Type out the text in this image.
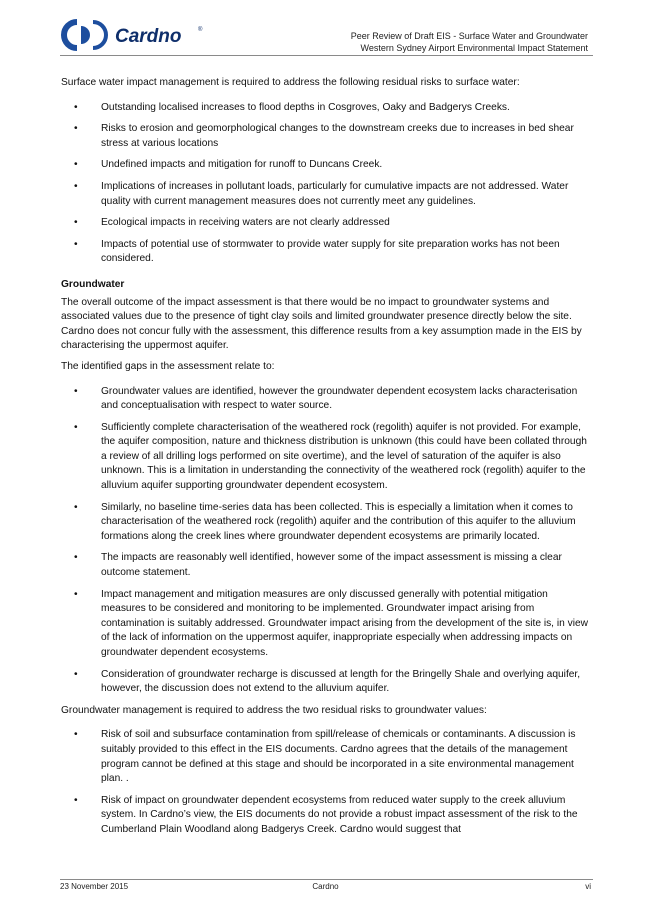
Cardno	®
Peer Review of Draft EIS - Surface Water and Groundwater
Western Sydney Airport Environmental Impact Statement

Surface water impact management is required to address the following residual risks to surface water:

• Outstanding localised increases to flood depths in Cosgroves, Oaky and Badgerys Creeks.
• Risks to erosion and geomorphological changes to the downstream creeks due to increases in bed shear stress at various locations
• Undefined impacts and mitigation for runoff to Duncans Creek.
• Implications of increases in pollutant loads, particularly for cumulative impacts are not addressed. Water quality with current management measures does not currently meet any guidelines.
• Ecological impacts in receiving waters are not clearly addressed
• Impacts of potential use of stormwater to provide water supply for site preparation works has not been considered.
Groundwater

The overall outcome of the impact assessment is that there would be no impact to groundwater systems and associated values due to the presence of tight clay soils and limited groundwater presence directly below the site. Cardno does not concur fully with the assessment, this difference results from a key assumption made in the EIS by characterising the uppermost aquifer.

The identified gaps in the assessment relate to:

• Groundwater values are identified, however the groundwater dependent ecosystem lacks characterisation and conceptualisation with respect to water source.
• Sufficiently complete characterisation of the weathered rock (regolith) aquifer is not provided. For example, the aquifer composition, nature and thickness distribution is unknown (this could have been collated through a review of all drilling logs performed on site overtime), and the level of saturation of the aquifer is also unknown. This is a limitation in understanding the connectivity of the weathered rock (regolith) aquifer to the alluvium aquifer supporting groundwater dependent ecosystem.
• Similarly, no baseline time-series data has been collected. This is especially a limitation when it comes to characterisation of the weathered rock (regolith) aquifer and the contribution of this aquifer to the alluvium formations along the creek lines where groundwater dependent ecosystems are primarily located.
• The impacts are reasonably well identified, however some of the impact assessment is missing a clear outcome statement.
• Impact management and mitigation measures are only discussed generally with potential mitigation measures to be considered and monitoring to be implemented. Groundwater impact arising from contamination is suitably addressed. Groundwater impact arising from the development of the site is, in view of the lack of information on the uppermost aquifer, inappropriate especially when addressing impacts on groundwater dependent ecosystems.
• Consideration of groundwater recharge is discussed at length for the Bringelly Shale and overlying aquifer, however, the discussion does not extend to the alluvium aquifer.

Groundwater management is required to address the two residual risks to groundwater values:

• Risk of soil and subsurface contamination from spill/release of chemicals or contaminants. A discussion is suitably provided to this effect in the EIS documents. Cardno agrees that the details of the management program cannot be defined at this stage and should be incorporated in a site environmental management plan. .
• Risk of impact on groundwater dependent ecosystems from reduced water supply to the creek alluvium system. In Cardno’s view, the EIS documents do not provide a robust impact assessment of the risk to the Cumberland Plain Woodland along Badgerys Creek. Cardno would suggest that
23 November 2015	Cardno	vi
